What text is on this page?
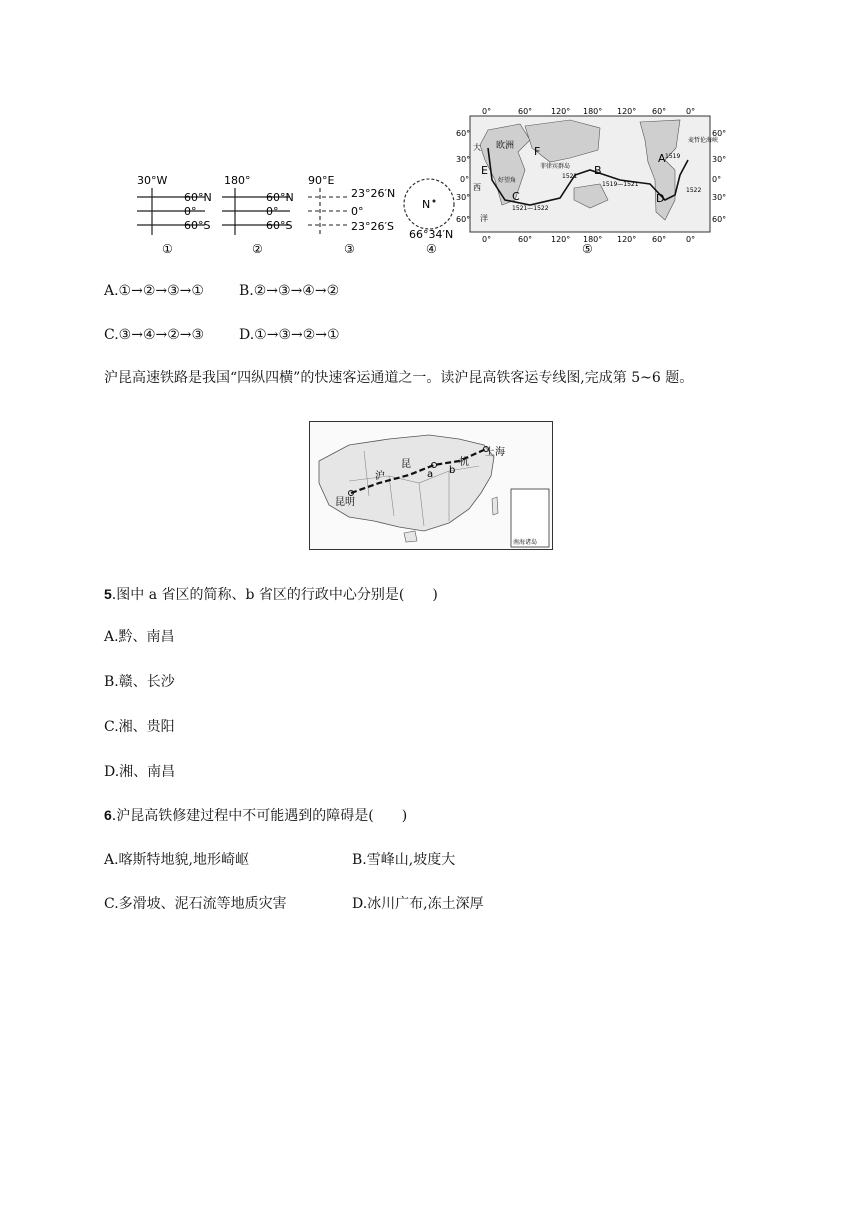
30°W
60°N
0°
60°S
①
180°
60°N
0°
60°S
②
90°E
23°26′N
0°
23°26′S
③
N
66°34′N
④
0°	60° 120° 180° 120° 60° 0°
0°	60° 120° 180° 120° 60° 0°
60°
30°
0°
30°
60°
60°
30°
0°
30°
60°
A
B
C	D
E
F	1519
1521
1519—1521
1521—1522
1522
大 欧洲
西
洋
好望角
菲律宾群岛
麦哲伦海峡
⑤
A.①→②→③→①	B.②→③→④→②
C.③→④→②→③ D.①→③→②→①
沪昆高速铁路是我国“四纵四横”的快速客运通道之一。读沪昆高铁客运专线图,完成第 5~6 题。
上海
杭
昆
a b
沪
昆明
南海诸岛
5.图中 a 省区的简称、b 省区的行政中心分别是(　　)
A.黔、南昌
B.赣、长沙
C.湘、贵阳
D.湘、南昌
6.沪昆高铁修建过程中不可能遇到的障碍是(　　)
A.喀斯特地貌,地形崎岖	B.雪峰山,坡度大
C.多滑坡、泥石流等地质灾害	D.冰川广布,冻土深厚
